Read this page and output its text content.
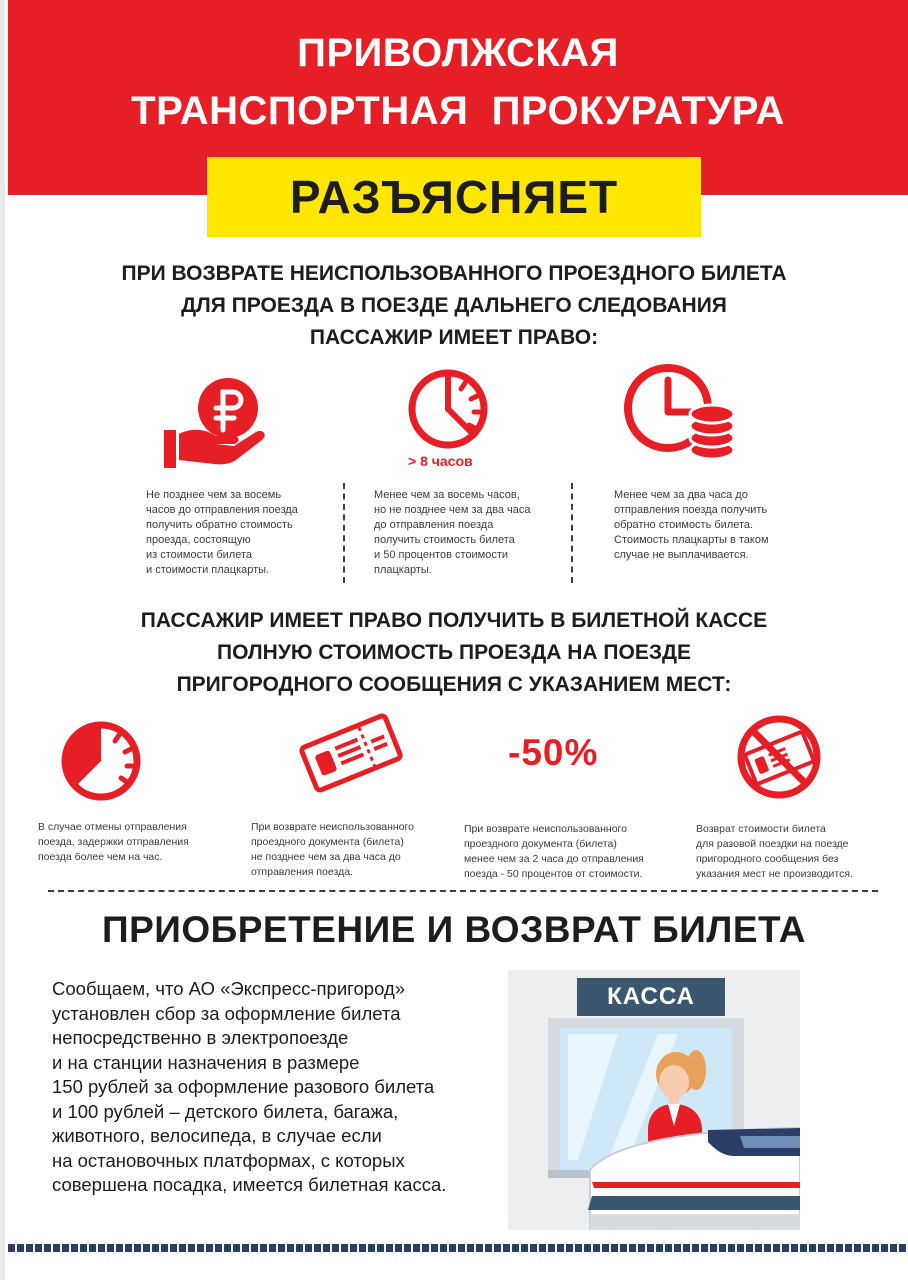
ПРИВОЛЖСКАЯ
ТРАНСПОРТНАЯ  ПРОКУРАТУРА
РАЗЪЯСНЯЕТ
ПРИ ВОЗВРАТЕ НЕИСПОЛЬЗОВАННОГО ПРОЕЗДНОГО БИЛЕТА
ДЛЯ ПРОЕЗДА В ПОЕЗДЕ ДАЛЬНЕГО СЛЕДОВАНИЯ
ПАССАЖИР ИМЕЕТ ПРАВО:
> 8 часов
Не позднее чем за восемь
часов до отправления поезда
получить обратно стоимость
проезда, состоящую
из стоимости билета
и стоимости плацкарты.
Менее чем за восемь часов,
но не позднее чем за два часа
до отправления поезда
получить стоимость билета
и 50 процентов стоимости
плацкарты.
Менее чем за два часа до
отправления поезда получить
обратно стоимость билета.
Стоимость плацкарты в таком
случае не выплачивается.
ПАССАЖИР ИМЕЕТ ПРАВО ПОЛУЧИТЬ В БИЛЕТНОЙ КАССЕ
ПОЛНУЮ СТОИМОСТЬ ПРОЕЗДА НА ПОЕЗДЕ
ПРИГОРОДНОГО СООБЩЕНИЯ С УКАЗАНИЕМ МЕСТ:
-50%
В случае отмены отправления
поезда, задержки отправления
поезда более чем на час.
При возврате неиспользованного
проездного документа (билета)
не позднее чем за два часа до
отправления поезда.
При возврате неиспользованного
проездного документа (билета)
менее чем за 2 часа до отправления
поезда - 50 процентов от стоимости.
Возврат стоимости билета
для разовой поездки на поезде
пригородного сообщения без
указания мест не производится.
ПРИОБРЕТЕНИЕ И ВОЗВРАТ БИЛЕТА
Сообщаем, что АО «Экспресс-пригород»
установлен сбор за оформление билета
непосредственно в электропоезде
и на станции назначения в размере
150 рублей за оформление разового билета
и 100 рублей – детского билета, багажа,
животного, велосипеда, в случае если
на остановочных платформах, с которых
совершена посадка, имеется билетная касса.
КАССА
